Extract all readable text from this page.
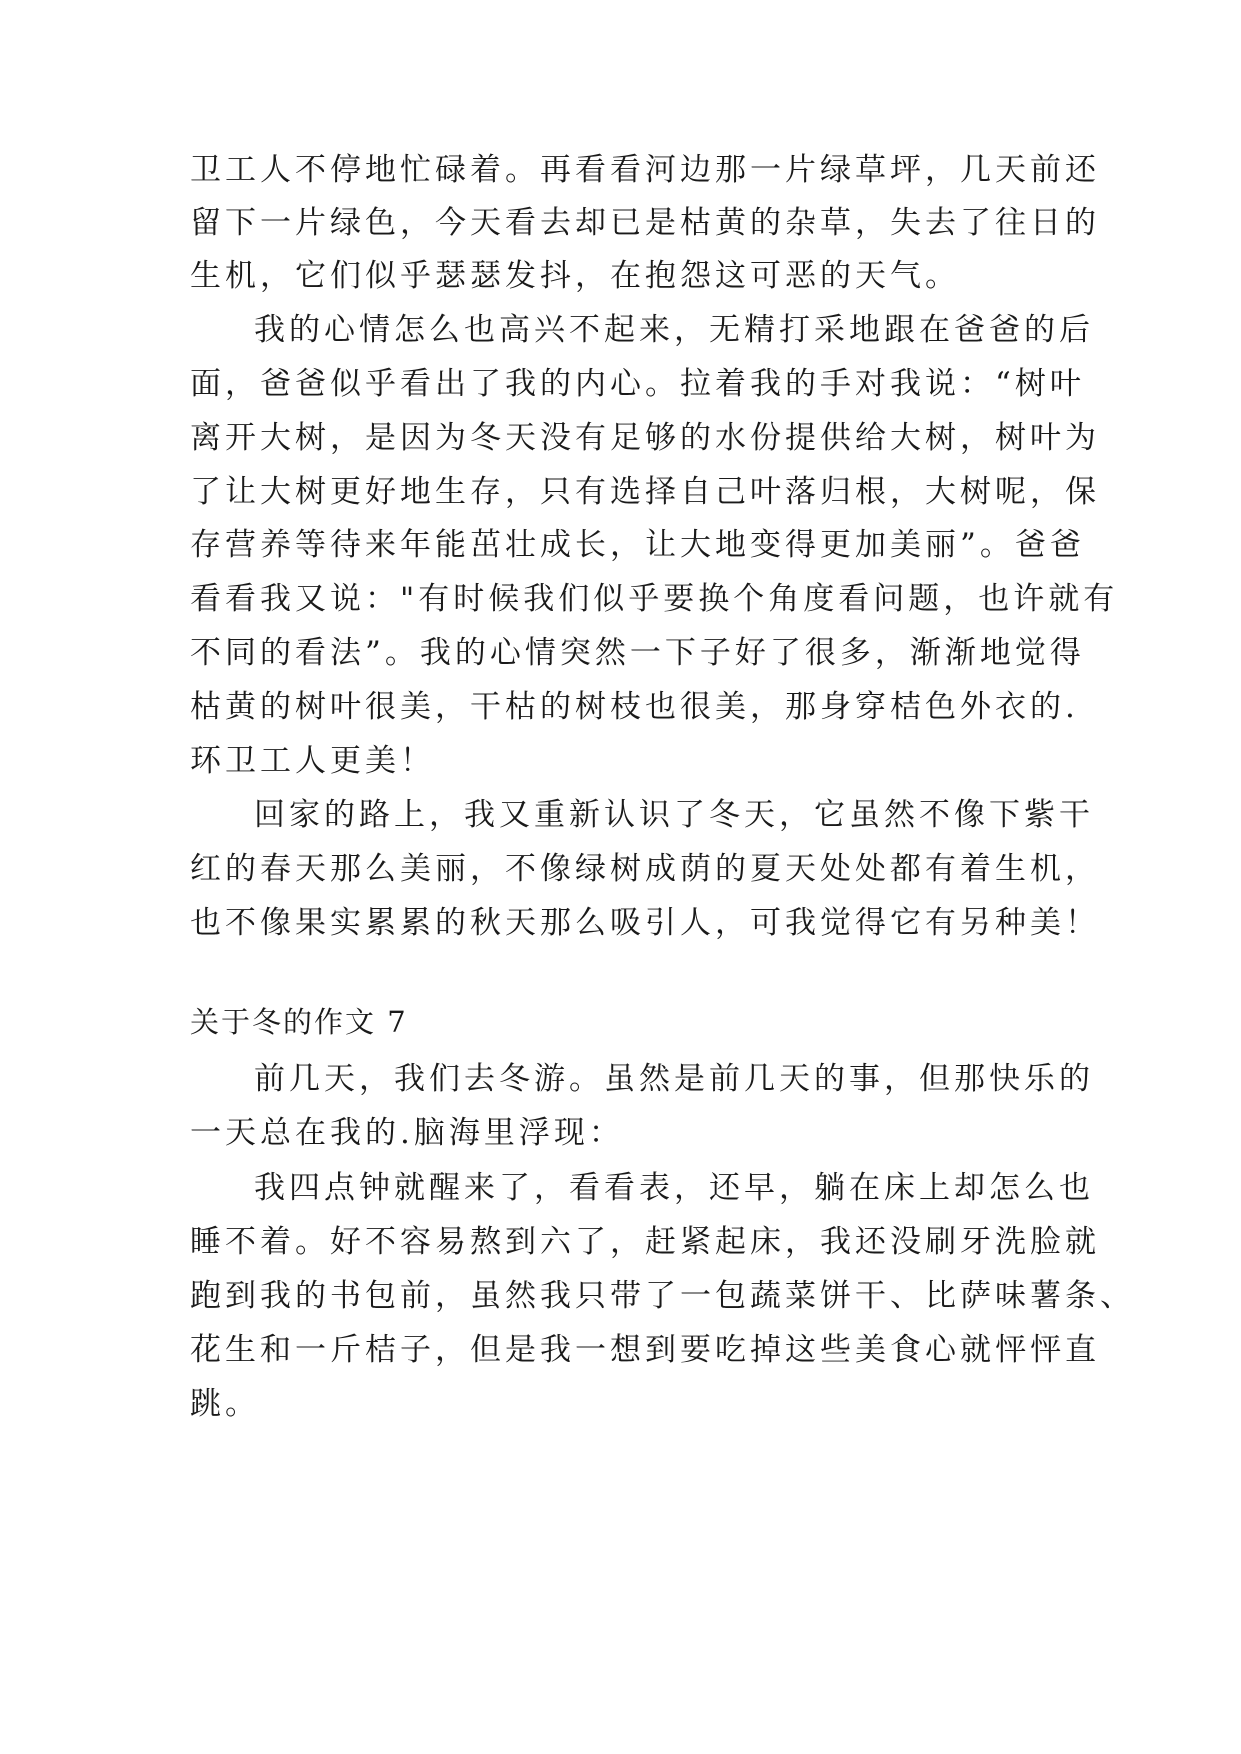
卫工人不停地忙碌着。再看看河边那一片绿草坪，几天前还
留下一片绿色，今天看去却已是枯黄的杂草，失去了往日的
生机，它们似乎瑟瑟发抖，在抱怨这可恶的天气。
我的心情怎么也高兴不起来，无精打采地跟在爸爸的后
面，爸爸似乎看出了我的内心。拉着我的手对我说：“树叶
离开大树，是因为冬天没有足够的水份提供给大树，树叶为
了让大树更好地生存，只有选择自己叶落归根，大树呢，保
存营养等待来年能茁壮成长，让大地变得更加美丽”。爸爸
看看我又说："有时候我们似乎要换个角度看问题，也许就有
不同的看法”。我的心情突然一下子好了很多，渐渐地觉得
枯黄的树叶很美，干枯的树枝也很美，那身穿桔色外衣的.
环卫工人更美！
回家的路上，我又重新认识了冬天，它虽然不像下紫干
红的春天那么美丽，不像绿树成荫的夏天处处都有着生机，
也不像果实累累的秋天那么吸引人，可我觉得它有另种美！
关于冬的作文 7
前几天，我们去冬游。虽然是前几天的事，但那快乐的
一天总在我的.脑海里浮现：
我四点钟就醒来了，看看表，还早，躺在床上却怎么也
睡不着。好不容易熬到六了，赶紧起床，我还没刷牙洗脸就
跑到我的书包前，虽然我只带了一包蔬菜饼干、比萨味薯条、
花生和一斤桔子，但是我一想到要吃掉这些美食心就怦怦直
跳。
